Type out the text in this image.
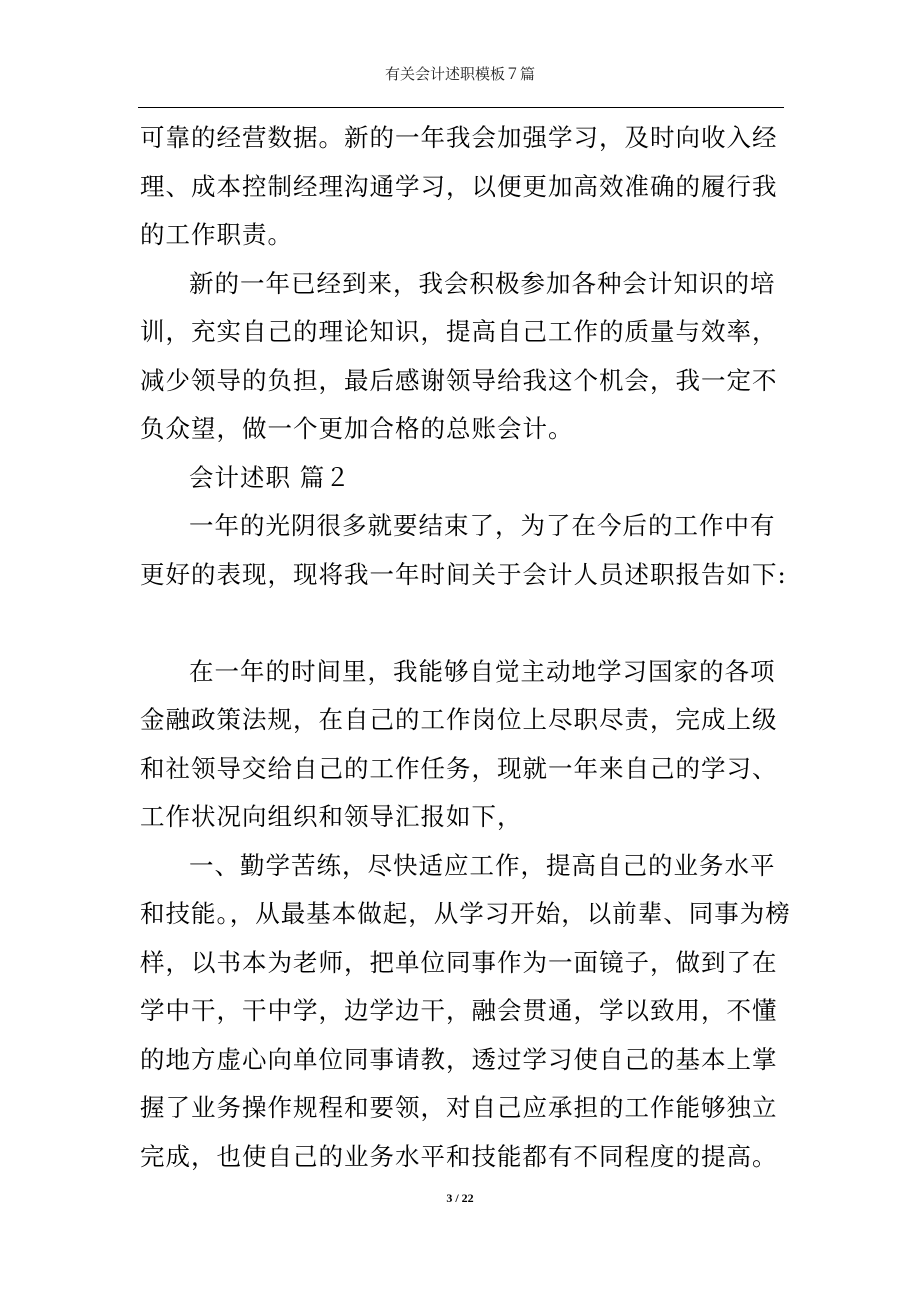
有关会计述职模板７篇

可靠的经营数据。新的一年我会加强学习，及时向收入经

理、成本控制经理沟通学习，以便更加高效准确的履行我

的工作职责。

新的一年已经到来，我会积极参加各种会计知识的培

训，充实自己的理论知识，提高自己工作的质量与效率，

减少领导的负担，最后感谢领导给我这个机会，我一定不

负众望，做一个更加合格的总账会计。

会计述职 篇２

一年的光阴很多就要结束了，为了在今后的工作中有

更好的表现，现将我一年时间关于会计人员述职报告如下:

在一年的时间里，我能够自觉主动地学习国家的各项

金融政策法规，在自己的工作岗位上尽职尽责，完成上级

和社领导交给自己的工作任务，现就一年来自己的学习、

工作状况向组织和领导汇报如下，

一、勤学苦练，尽快适应工作，提高自己的业务水平

和技能。，从最基本做起，从学习开始，以前辈、同事为榜

样，以书本为老师，把单位同事作为一面镜子，做到了在

学中干，干中学，边学边干，融会贯通，学以致用，不懂

的地方虚心向单位同事请教，透过学习使自己的基本上掌

握了业务操作规程和要领，对自己应承担的工作能够独立

完成，也使自己的业务水平和技能都有不同程度的提高。

3 / 22
